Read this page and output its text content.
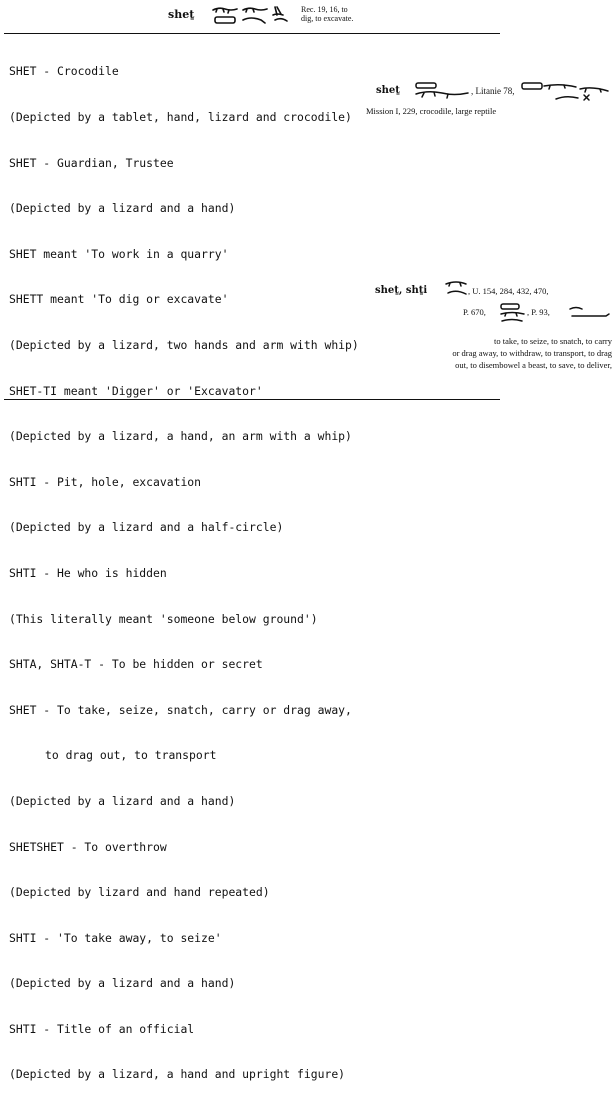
sheṯ	Rec. 19, 16, to
dig, to excavate.

SHET - Crocodile

(Depicted by a tablet, hand, lizard and crocodile)

SHET - Guardian, Trustee

(Depicted by a lizard and a hand)

SHET meant 'To work in a quarry'

SHETT meant 'To dig or excavate'

(Depicted by a lizard, two hands and arm with whip)

SHET-TI meant 'Digger' or 'Excavator'

(Depicted by a lizard, a hand, an arm with a whip)

SHTI - Pit, hole, excavation

(Depicted by a lizard and a half-circle)

SHTI - He who is hidden

(This literally meant 'someone below ground')

SHTA, SHTA-T - To be hidden or secret

SHET - To take, seize, snatch, carry or drag away,

to drag out, to transport

(Depicted by a lizard and a hand)

SHETSHET - To overthrow

(Depicted by lizard and hand repeated)

SHTI - 'To take away, to seize'

(Depicted by a lizard and a hand)

SHTI - Title of an official

(Depicted by a lizard, a hand and upright figure)

sheṯ	, Litanie 78,
Mission I, 229, crocodile, large reptile
sheṯ, shṯi	, U. 154, 284, 432, 470,
P. 670,	, P. 93,
to take, to seize, to snatch, to carry
or drag away, to withdraw, to transport, to drag
out, to disembowel a beast, to save, to deliver,
